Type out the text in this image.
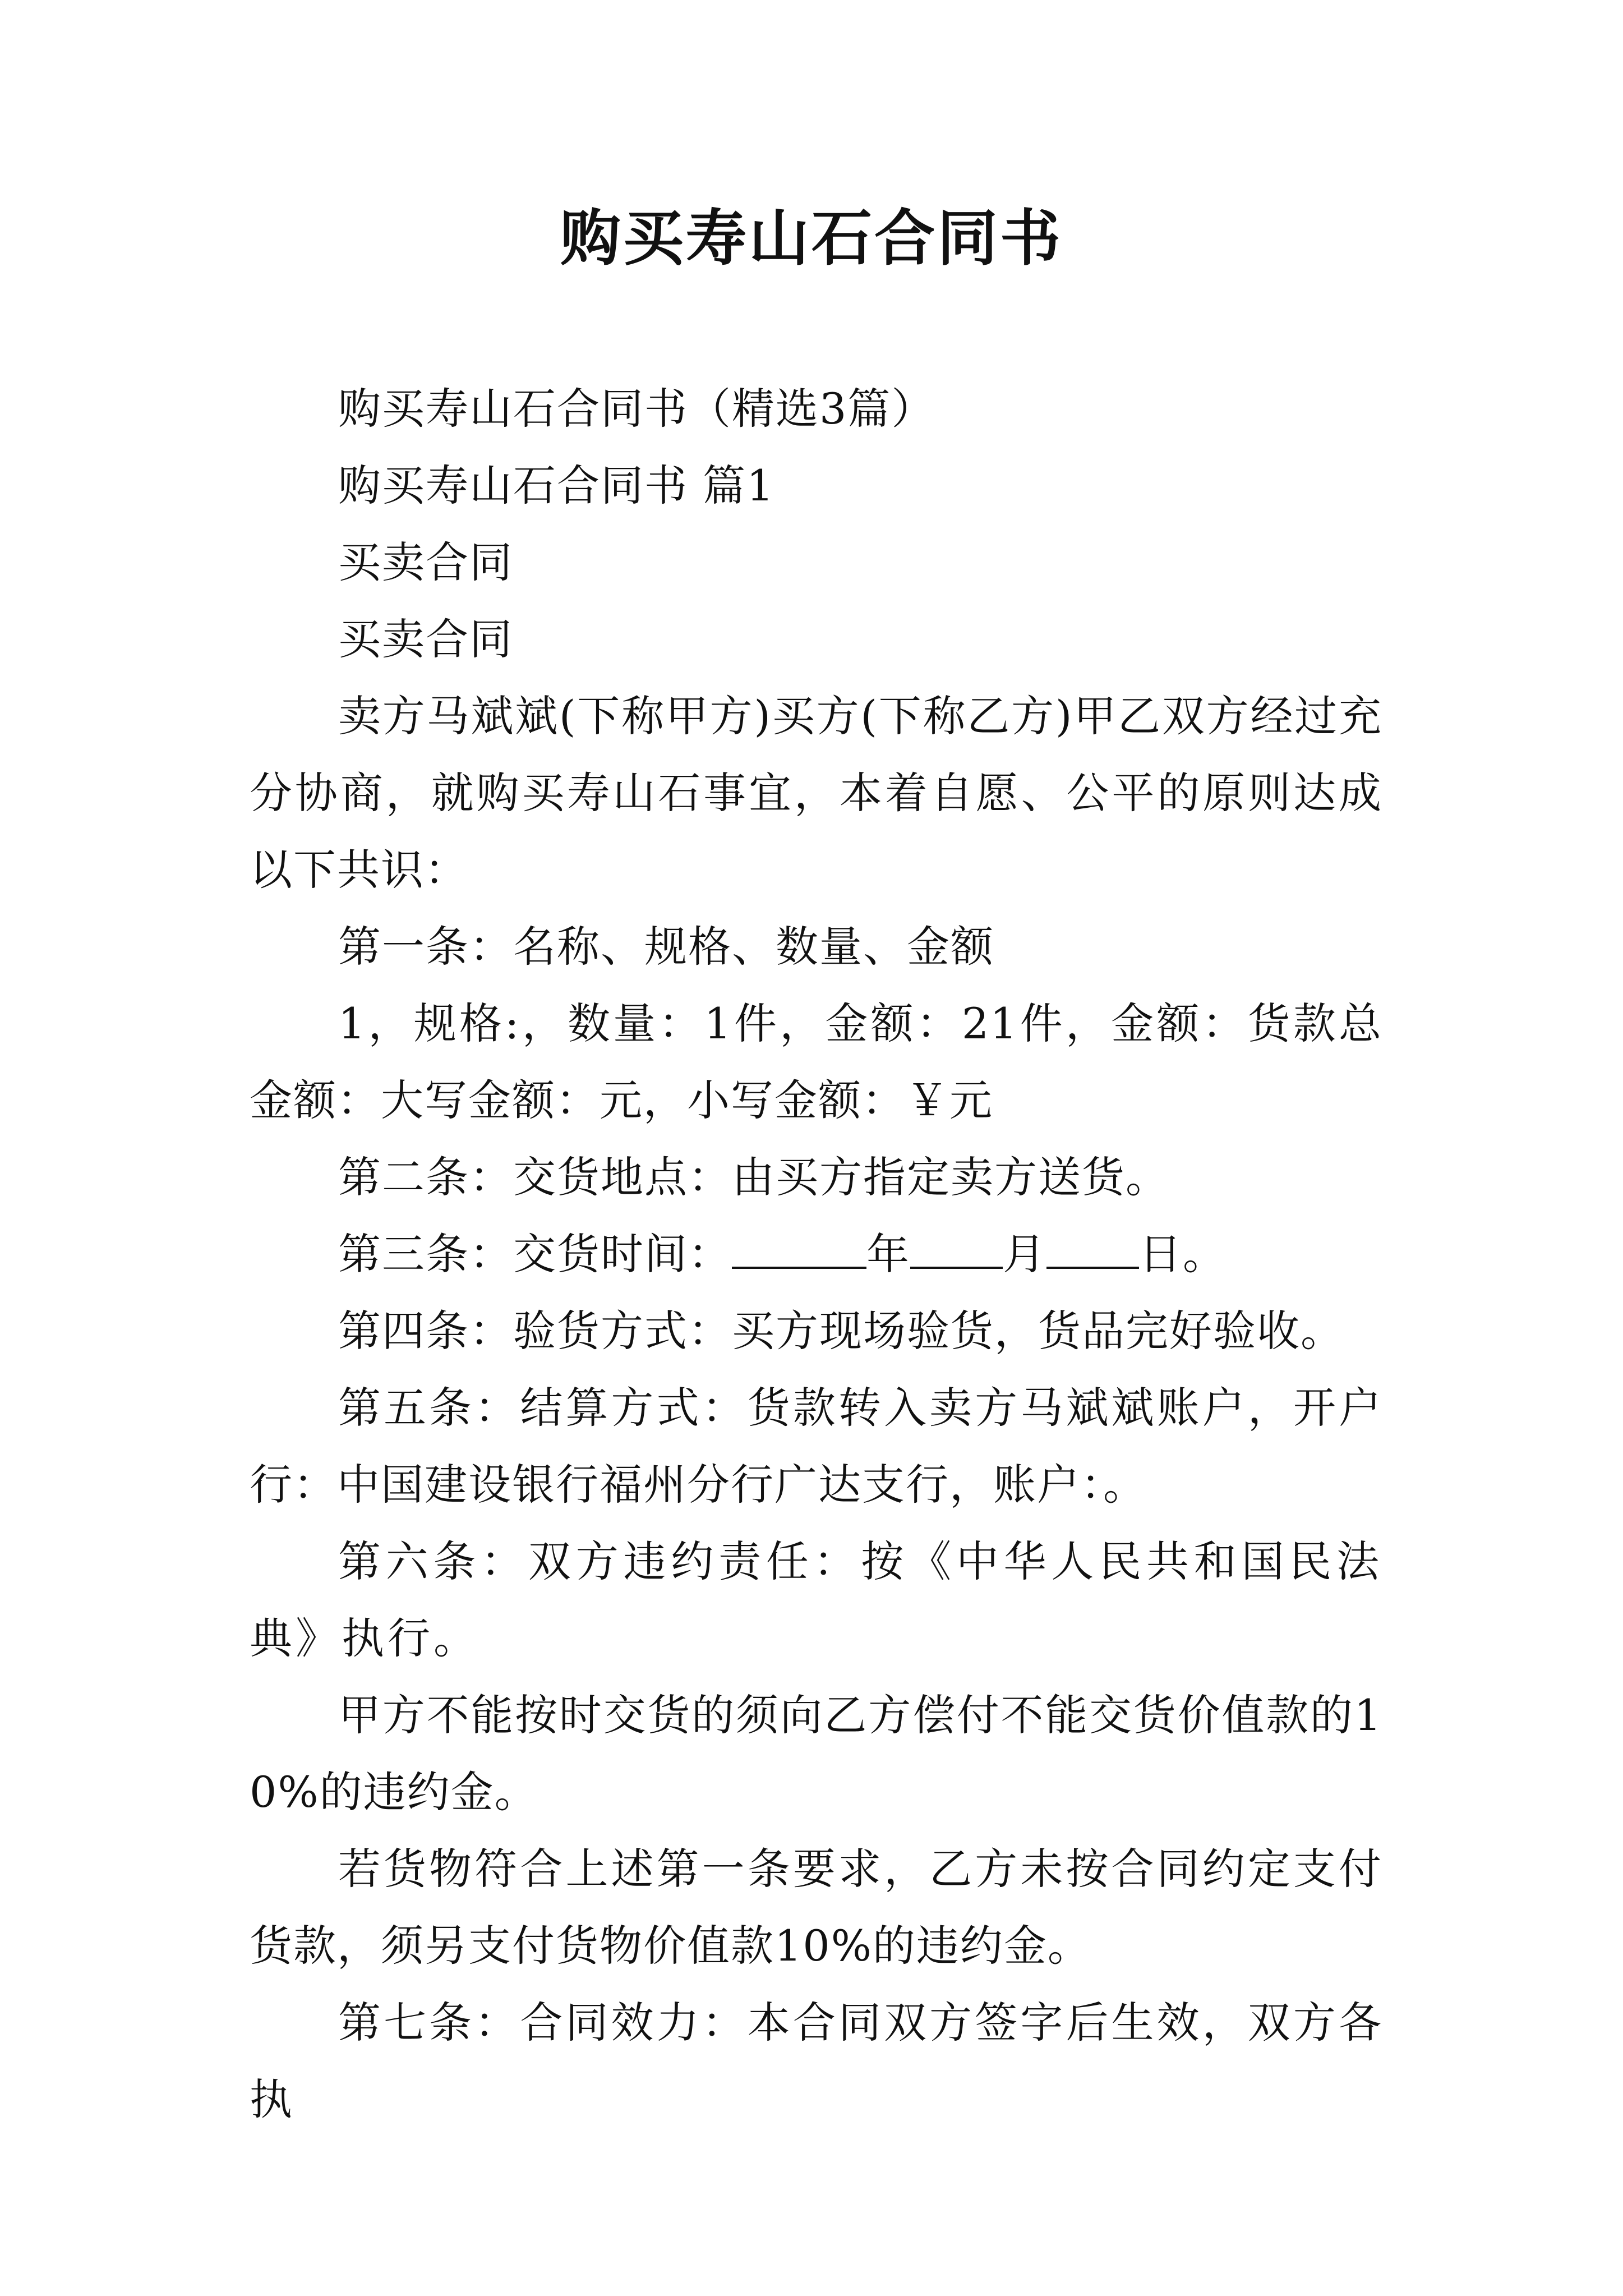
购买寿山石合同书

购买寿山石合同书（精选3篇）

购买寿山石合同书 篇1

买卖合同

买卖合同

卖方马斌斌(下称甲方)买方(下称乙方)甲乙双方经过充分协商，就购买寿山石事宜，本着自愿、公平的原则达成以下共识：

第一条：名称、规格、数量、金额

1，规格:，数量：1件，金额：21件，金额：货款总金额：大写金额：元，小写金额：￥元

第二条：交货地点：由买方指定卖方送货。

第三条：交货时间：	年 月 日。

第四条：验货方式：买方现场验货，货品完好验收。

第五条：结算方式：货款转入卖方马斌斌账户，开户行：中国建设银行福州分行广达支行，账户：。

第六条：双方违约责任：按《中华人民共和国民法典》执行。

甲方不能按时交货的须向乙方偿付不能交货价值款的10%的违约金。

若货物符合上述第一条要求，乙方未按合同约定支付货款，须另支付货物价值款10%的违约金。

第七条：合同效力：本合同双方签字后生效，双方各执
